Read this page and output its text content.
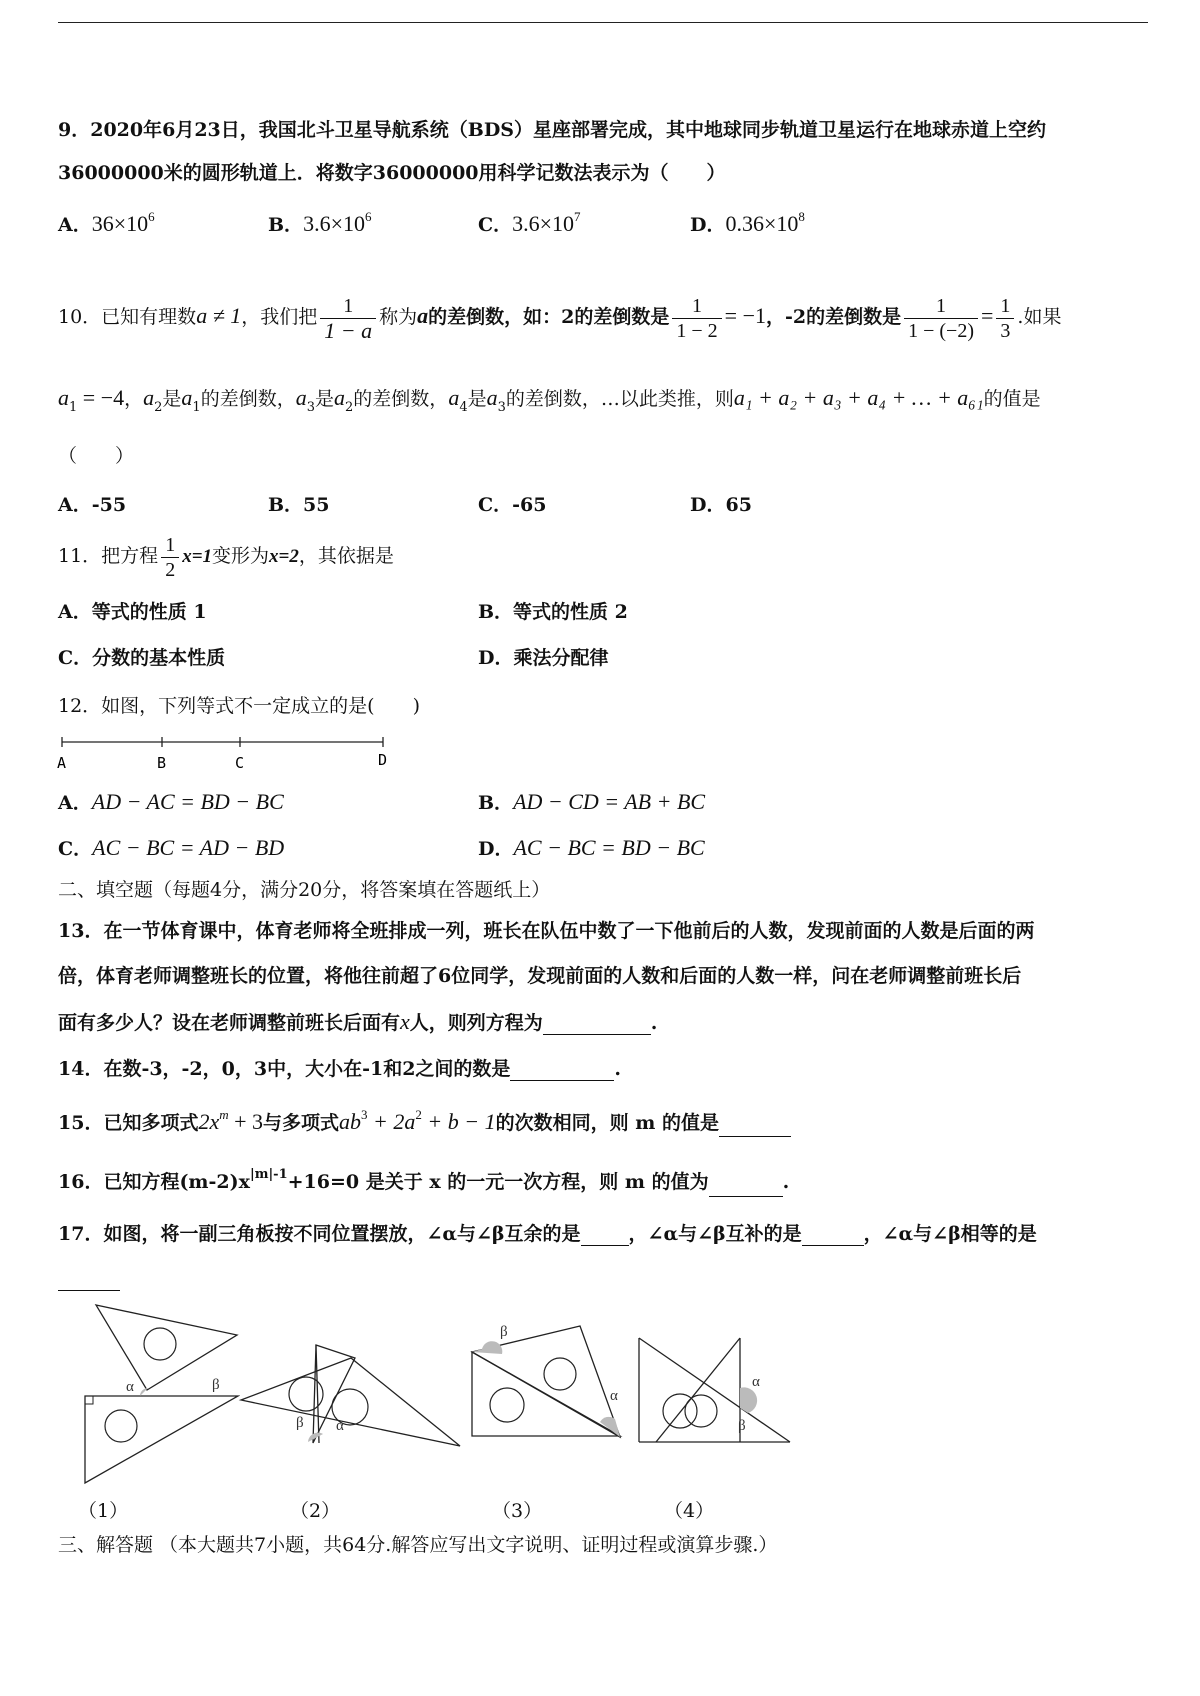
9．2020年6月23日，我国北斗卫星导航系统（BDS）星座部署完成，其中地球同步轨道卫星运行在地球赤道上空约
36000000米的圆形轨道上．将数字36000000用科学记数法表示为（　　）
A．$36\times 10^6$	B．$3.6\times 10^6$	C．$3.6\times 10^7$	D．$0.36\times 10^8$
10．已知有理数a ≠ 1，我们把 $\frac{1}{1 - a}$ 称为a的差倒数，如：2的差倒数是 $\frac{1}{1 - 2} = -1$，-2的差倒数是 $\frac{1}{1 - (-2)} = \frac{1}{3}$ .如果
$a_1 = -4$，$a_2$是$a_1$的差倒数，$a_3$是$a_2$的差倒数，$a_4$是$a_3$的差倒数，…以此类推，则a₁ + a₂ + a₃ + a₄ + … + a₆₁的值是
（　　）
A．-55	B．55	C．-65	D．65
11．把方程 $\frac{1}{2} x=1$变形为x=2，其依据是
A．等式的性质 1	B．等式的性质 2
C．分数的基本性质	D．乘法分配律
12．如图，下列等式不一定成立的是(　　)
A	B	C	D
A．AD − AC = BD − BC	B．AD − CD = AB + BC
C．AC − BC = AD − BD	D．AC − BC = BD − BC
二、填空题（每题4分，满分20分，将答案填在答题纸上）
13．在一节体育课中，体育老师将全班排成一列，班长在队伍中数了一下他前后的人数，发现前面的人数是后面的两
倍，体育老师调整班长的位置，将他往前超了6位同学，发现前面的人数和后面的人数一样，问在老师调整前班长后
面有多少人？设在老师调整前班长后面有x人，则列方程为	.
14．在数-3，-2，0，3中，大小在-1和2之间的数是	.
15．已知多项式$2x^m + 3$与多项式$ab^3 + 2a^2 + b - 1$的次数相同，则 m 的值是
16．已知方程$(m-2)x^{|m|-1}+16=0$ 是关于 x 的一元一次方程，则 m 的值为	.
17．如图，将一副三角板按不同位置摆放，∠α与∠β互余的是	，∠α与∠β互补的是	，∠α与∠β相等的是
α	β
（1）
β α
（2）
β
α
（3）
α
β
（4）
三、解答题 （本大题共7小题，共64分.解答应写出文字说明、证明过程或演算步骤.）
